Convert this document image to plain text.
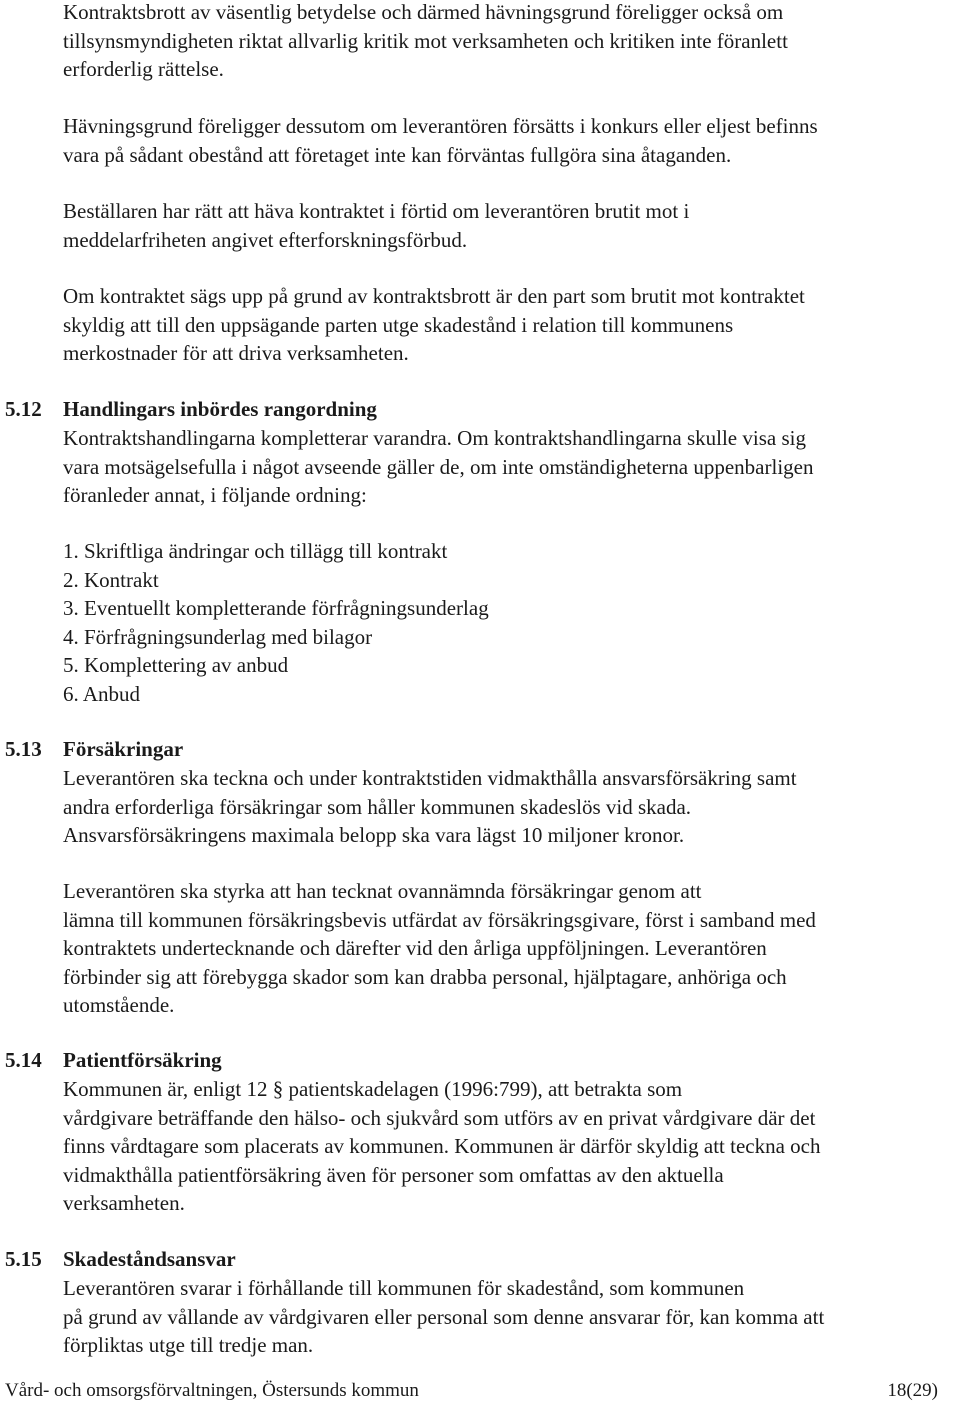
Kontraktsbrott av väsentlig betydelse och därmed hävningsgrund föreligger också om
tillsynsmyndigheten riktat allvarlig kritik mot verksamheten och kritiken inte föranlett
erforderlig rättelse.
Hävningsgrund föreligger dessutom om leverantören försätts i konkurs eller eljest befinns
vara på sådant obestånd att företaget inte kan förväntas fullgöra sina åtaganden.
Beställaren har rätt att häva kontraktet i förtid om leverantören brutit mot i
meddelarfriheten angivet efterforskningsförbud.
Om kontraktet sägs upp på grund av kontraktsbrott är den part som brutit mot kontraktet
skyldig att till den uppsägande parten utge skadestånd i relation till kommunens
merkostnader för att driva verksamheten.
5.12 Handlingars inbördes rangordning
Kontraktshandlingarna kompletterar varandra. Om kontraktshandlingarna skulle visa sig
vara motsägelsefulla i något avseende gäller de, om inte omständigheterna uppenbarligen
föranleder annat, i följande ordning:
1. Skriftliga ändringar och tillägg till kontrakt
2. Kontrakt
3. Eventuellt kompletterande förfrågningsunderlag
4. Förfrågningsunderlag med bilagor
5. Komplettering av anbud
6. Anbud
5.13 Försäkringar
Leverantören ska teckna och under kontraktstiden vidmakthålla ansvarsförsäkring samt
andra erforderliga försäkringar som håller kommunen skadeslös vid skada.
Ansvarsförsäkringens maximala belopp ska vara lägst 10 miljoner kronor.
Leverantören ska styrka att han tecknat ovannämnda försäkringar genom att
lämna till kommunen försäkringsbevis utfärdat av försäkringsgivare, först i samband med
kontraktets undertecknande och därefter vid den årliga uppföljningen. Leverantören
förbinder sig att förebygga skador som kan drabba personal, hjälptagare, anhöriga och
utomstående.
5.14 Patientförsäkring
Kommunen är, enligt 12 § patientskadelagen (1996:799), att betrakta som
vårdgivare beträffande den hälso- och sjukvård som utförs av en privat vårdgivare där det
finns vårdtagare som placerats av kommunen. Kommunen är därför skyldig att teckna och
vidmakthålla patientförsäkring även för personer som omfattas av den aktuella
verksamheten.
5.15 Skadeståndsansvar
Leverantören svarar i förhållande till kommunen för skadestånd, som kommunen
på grund av vållande av vårdgivaren eller personal som denne ansvarar för, kan komma att
förpliktas utge till tredje man.
Vård- och omsorgsförvaltningen, Östersunds kommun	18(29)
